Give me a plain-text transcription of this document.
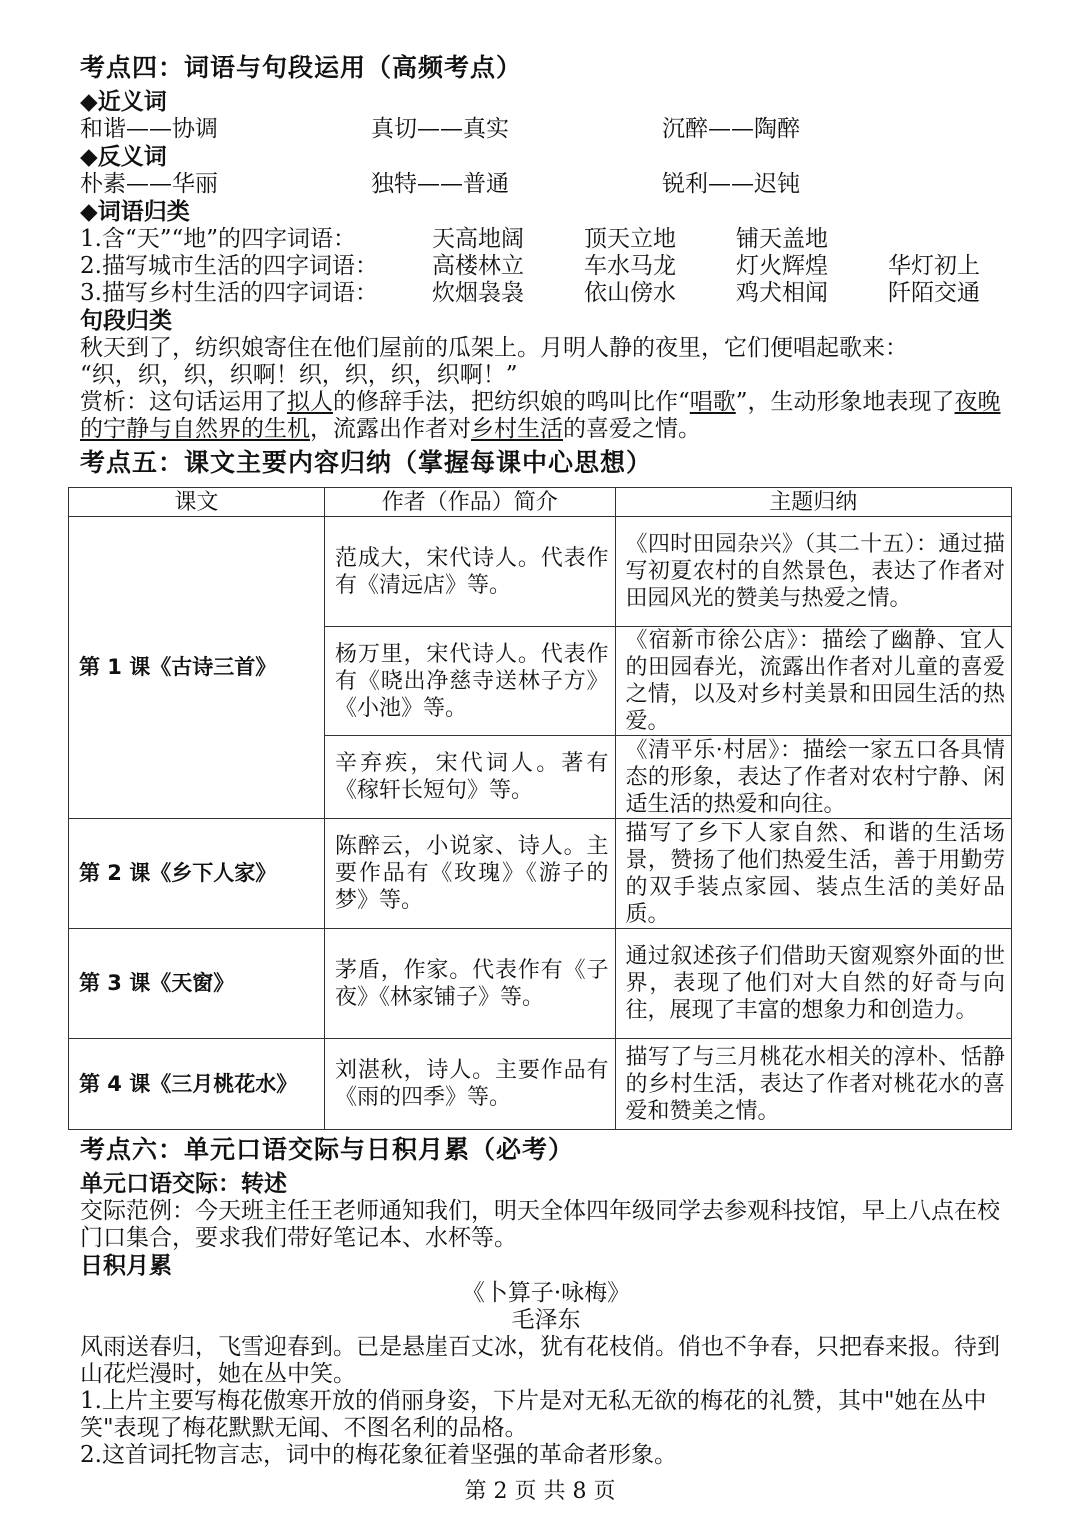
考点四：词语与句段运用（高频考点）
◆近义词
和谐——协调	真切——真实	沉醉——陶醉
◆反义词
朴素——华丽	独特——普通	锐利——迟钝
◆词语归类
1.含“天”“地”的四字词语：	天高地阔	顶天立地	铺天盖地
2.描写城市生活的四字词语：	高楼林立	车水马龙	灯火辉煌	华灯初上
3.描写乡村生活的四字词语：	炊烟袅袅	依山傍水	鸡犬相闻	阡陌交通
句段归类
秋天到了，纺织娘寄住在他们屋前的瓜架上。月明人静的夜里，它们便唱起歌来：
“织，织，织，织啊！织，织，织，织啊！”
赏析：这句话运用了拟人的修辞手法，把纺织娘的鸣叫比作“唱歌”，生动形象地表现了夜晚的宁静与自然界的生机，流露出作者对乡村生活的喜爱之情。
考点五：课文主要内容归纳（掌握每课中心思想）
课文	作者（作品）简介	主题归纳
第 1 课《古诗三首》	范成大，宋代诗人。代表作有《清远店》等。	《四时田园杂兴》（其二十五）：通过描写初夏农村的自然景色，表达了作者对田园风光的赞美与热爱之情。
	杨万里，宋代诗人。代表作有《晓出净慈寺送林子方》《小池》等。	《宿新市徐公店》：描绘了幽静、宜人的田园春光，流露出作者对儿童的喜爱之情，以及对乡村美景和田园生活的热爱。
	辛弃疾，宋代词人。著有《稼轩长短句》等。	《清平乐·村居》：描绘一家五口各具情态的形象，表达了作者对农村宁静、闲适生活的热爱和向往。
第 2 课《乡下人家》	陈醉云，小说家、诗人。主要作品有《玫瑰》《游子的梦》等。	描写了乡下人家自然、和谐的生活场景，赞扬了他们热爱生活，善于用勤劳的双手装点家园、装点生活的美好品质。
第 3 课《天窗》	茅盾，作家。代表作有《子夜》《林家铺子》等。	通过叙述孩子们借助天窗观察外面的世界，表现了他们对大自然的好奇与向往，展现了丰富的想象力和创造力。
第 4 课《三月桃花水》	刘湛秋，诗人。主要作品有《雨的四季》等。	描写了与三月桃花水相关的淳朴、恬静的乡村生活，表达了作者对桃花水的喜爱和赞美之情。
考点六：单元口语交际与日积月累（必考）
单元口语交际：转述
交际范例：今天班主任王老师通知我们，明天全体四年级同学去参观科技馆，早上八点在校门口集合，要求我们带好笔记本、水杯等。
日积月累
《卜算子·咏梅》
毛泽东
风雨送春归，飞雪迎春到。已是悬崖百丈冰，犹有花枝俏。俏也不争春，只把春来报。待到山花烂漫时，她在丛中笑。
1.上片主要写梅花傲寒开放的俏丽身姿，下片是对无私无欲的梅花的礼赞，其中"她在丛中笑"表现了梅花默默无闻、不图名利的品格。
2.这首词托物言志，词中的梅花象征着坚强的革命者形象。
第 2 页 共 8 页
